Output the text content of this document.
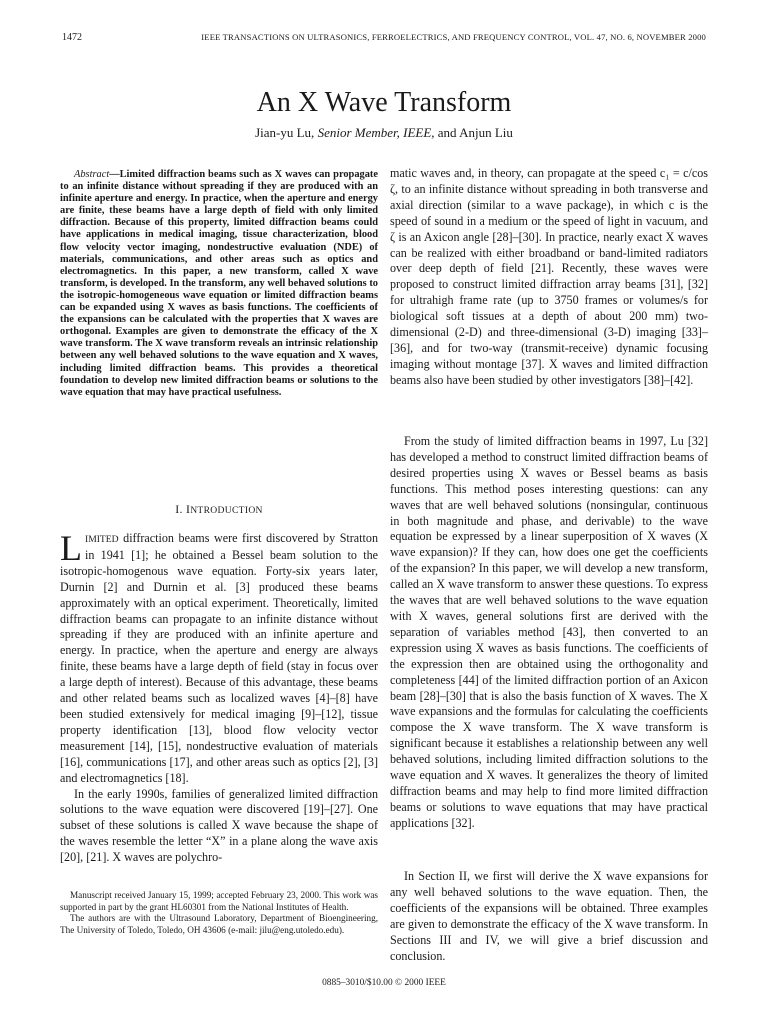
1472	IEEE TRANSACTIONS ON ULTRASONICS, FERROELECTRICS, AND FREQUENCY CONTROL, VOL. 47, NO. 6, NOVEMBER 2000
An X Wave Transform
Jian-yu Lu, Senior Member, IEEE, and Anjun Liu

Abstract—Limited diffraction beams such as X waves can propagate to an infinite distance without spreading if they are produced with an infinite aperture and energy. In practice, when the aperture and energy are finite, these beams have a large depth of field with only limited diffraction. Because of this property, limited diffraction beams could have applications in medical imaging, tissue characterization, blood flow velocity vector imaging, nondestructive evaluation (NDE) of materials, communications, and other areas such as optics and electromagnetics. In this paper, a new transform, called X wave transform, is developed. In the transform, any well behaved solutions to the isotropic-homogeneous wave equation or limited diffraction beams can be expanded using X waves as basis functions. The coefficients of the expansions can be calculated with the properties that X waves are orthogonal. Examples are given to demonstrate the efficacy of the X wave transform. The X wave transform reveals an intrinsic relationship between any well behaved solutions to the wave equation and X waves, including limited diffraction beams. This provides a theoretical foundation to develop new limited diffraction beams or solutions to the wave equation that may have practical usefulness.

I. INTRODUCTION

LIMITED diffraction beams were first discovered by Stratton in 1941 [1]; he obtained a Bessel beam solution to the isotropic-homogenous wave equation. Forty-six years later, Durnin [2] and Durnin et al. [3] produced these beams approximately with an optical experiment. Theoretically, limited diffraction beams can propagate to an infinite distance without spreading if they are produced with an infinite aperture and energy. In practice, when the aperture and energy are always finite, these beams have a large depth of field (stay in focus over a large depth of interest). Because of this advantage, these beams and other related beams such as localized waves [4]–[8] have been studied extensively for medical imaging [9]–[12], tissue property identification [13], blood flow velocity vector measurement [14], [15], nondestructive evaluation of materials [16], communications [17], and other areas such as optics [2], [3] and electromagnetics [18].

In the early 1990s, families of generalized limited diffraction solutions to the wave equation were discovered [19]–[27]. One subset of these solutions is called X wave because the shape of the waves resemble the letter “X” in a plane along the wave axis [20], [21]. X waves are polychro-

Manuscript received January 15, 1999; accepted February 23, 2000. This work was supported in part by the grant HL60301 from the National Institutes of Health.

The authors are with the Ultrasound Laboratory, Department of Bioengineering, The University of Toledo, Toledo, OH 43606 (e-mail: jilu@eng.utoledo.edu).

matic waves and, in theory, can propagate at the speed c₁ = c/cos ζ, to an infinite distance without spreading in both transverse and axial direction (similar to a wave package), in which c is the speed of sound in a medium or the speed of light in vacuum, and ζ is an Axicon angle [28]–[30]. In practice, nearly exact X waves can be realized with either broadband or band-limited radiators over deep depth of field [21]. Recently, these waves were proposed to construct limited diffraction array beams [31], [32] for ultrahigh frame rate (up to 3750 frames or volumes/s for biological soft tissues at a depth of about 200 mm) two-dimensional (2-D) and three-dimensional (3-D) imaging [33]–[36], and for two-way (transmit-receive) dynamic focusing imaging without montage [37]. X waves and limited diffraction beams also have been studied by other investigators [38]–[42].

From the study of limited diffraction beams in 1997, Lu [32] has developed a method to construct limited diffraction beams of desired properties using X waves or Bessel beams as basis functions. This method poses interesting questions: can any waves that are well behaved solutions (nonsingular, continuous in both magnitude and phase, and derivable) to the wave equation be expressed by a linear superposition of X waves (X wave expansion)? If they can, how does one get the coefficients of the expansion? In this paper, we will develop a new transform, called an X wave transform to answer these questions. To express the waves that are well behaved solutions to the wave equation with X waves, general solutions first are derived with the separation of variables method [43], then converted to an expression using X waves as basis functions. The coefficients of the expression then are obtained using the orthogonality and completeness [44] of the limited diffraction portion of an Axicon beam [28]–[30] that is also the basis function of X waves. The X wave expansions and the formulas for calculating the coefficients compose the X wave transform. The X wave transform is significant because it establishes a relationship between any well behaved solutions, including limited diffraction solutions to the wave equation and X waves. It generalizes the theory of limited diffraction beams and may help to find more limited diffraction beams or solutions to wave equations that may have practical applications [32].

In Section II, we first will derive the X wave expansions for any well behaved solutions to the wave equation. Then, the coefficients of the expansions will be obtained. Three examples are given to demonstrate the efficacy of the X wave transform. In Sections III and IV, we will give a brief discussion and conclusion.

0885–3010/$10.00 © 2000 IEEE
